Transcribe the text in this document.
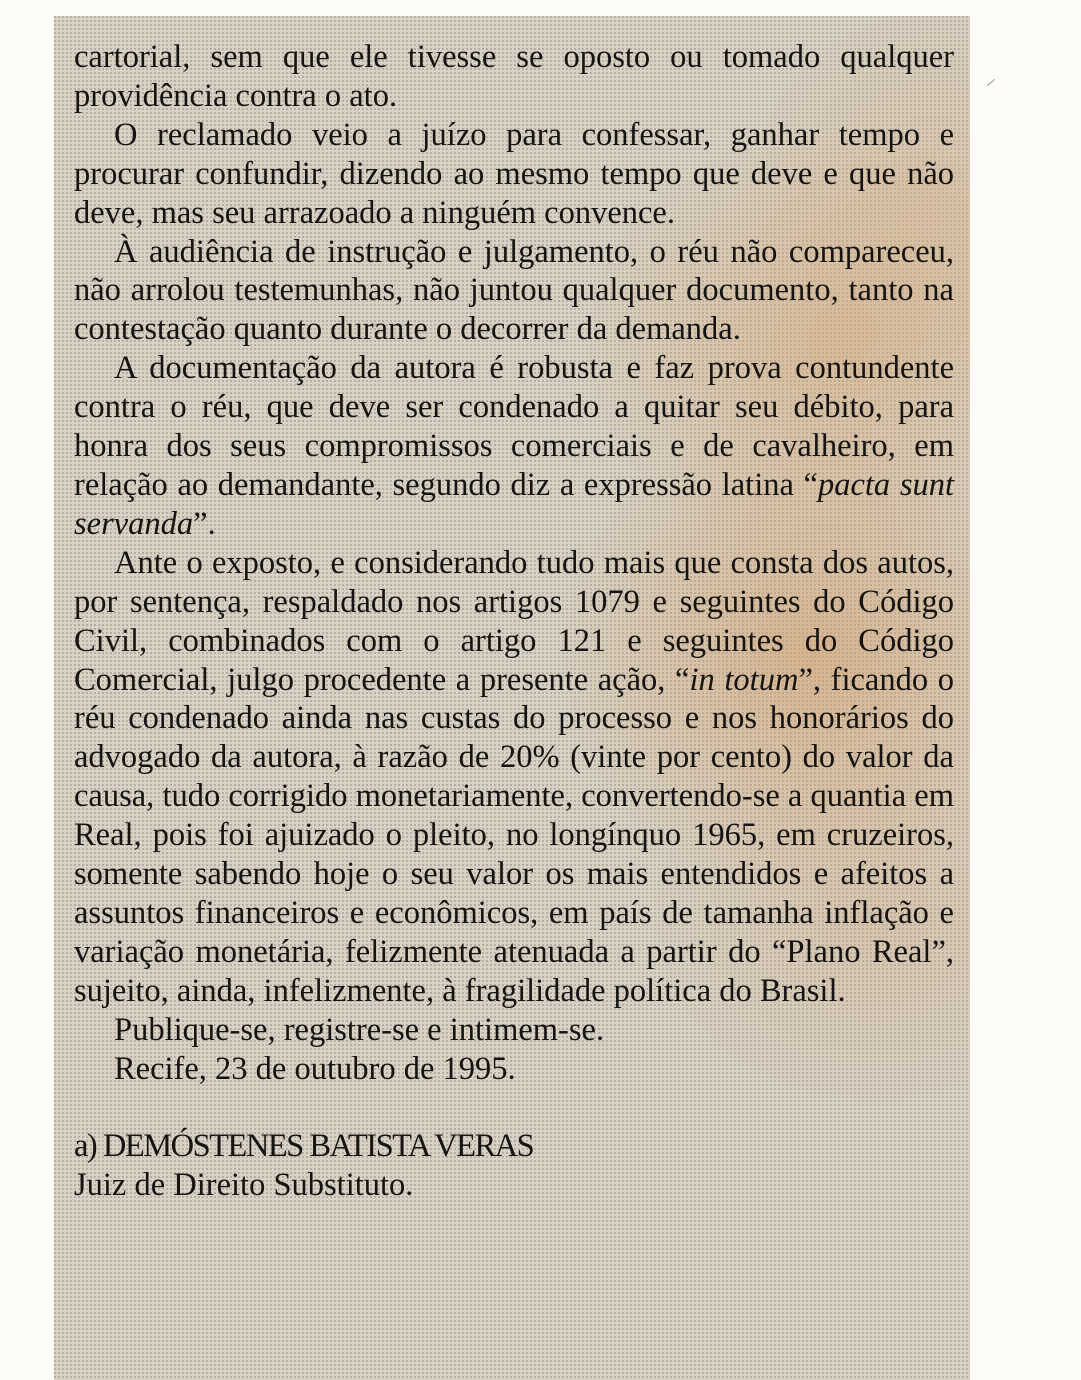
cartorial, sem que ele tivesse se oposto ou tomado qualquer providência contra o ato.

O reclamado veio a juízo para confessar, ganhar tempo e procurar confundir, dizendo ao mesmo tempo que deve e que não deve, mas seu arrazoado a ninguém convence.

À audiência de instrução e julgamento, o réu não compareceu, não arrolou testemunhas, não juntou qualquer documento, tanto na contestação quanto durante o decorrer da demanda.

A documentação da autora é robusta e faz prova contundente contra o réu, que deve ser condenado a quitar seu débito, para honra dos seus compromissos comerciais e de cavalheiro, em relação ao demandante, segundo diz a expressão latina “pacta sunt servanda”.

Ante o exposto, e considerando tudo mais que consta dos autos, por sentença, respaldado nos artigos 1079 e seguintes do Código Civil, combinados com o artigo 121 e seguintes do Código Comercial, julgo procedente a presente ação, “in totum”, ficando o réu condenado ainda nas custas do processo e nos honorários do advogado da autora, à razão de 20% (vinte por cento) do valor da causa, tudo corrigido monetariamente, convertendo-se a quantia em Real, pois foi ajuizado o pleito, no longínquo 1965, em cruzeiros, somente sabendo hoje o seu valor os mais entendidos e afeitos a assuntos financeiros e econômicos, em país de tamanha inflação e variação monetária, felizmente atenuada a partir do “Plano Real”, sujeito, ainda, infelizmente, à fragilidade política do Brasil.

Publique-se, registre-se e intimem-se.

Recife, 23 de outubro de 1995.

a) DEMÓSTENES BATISTA VERAS
Juiz de Direito Substituto.
